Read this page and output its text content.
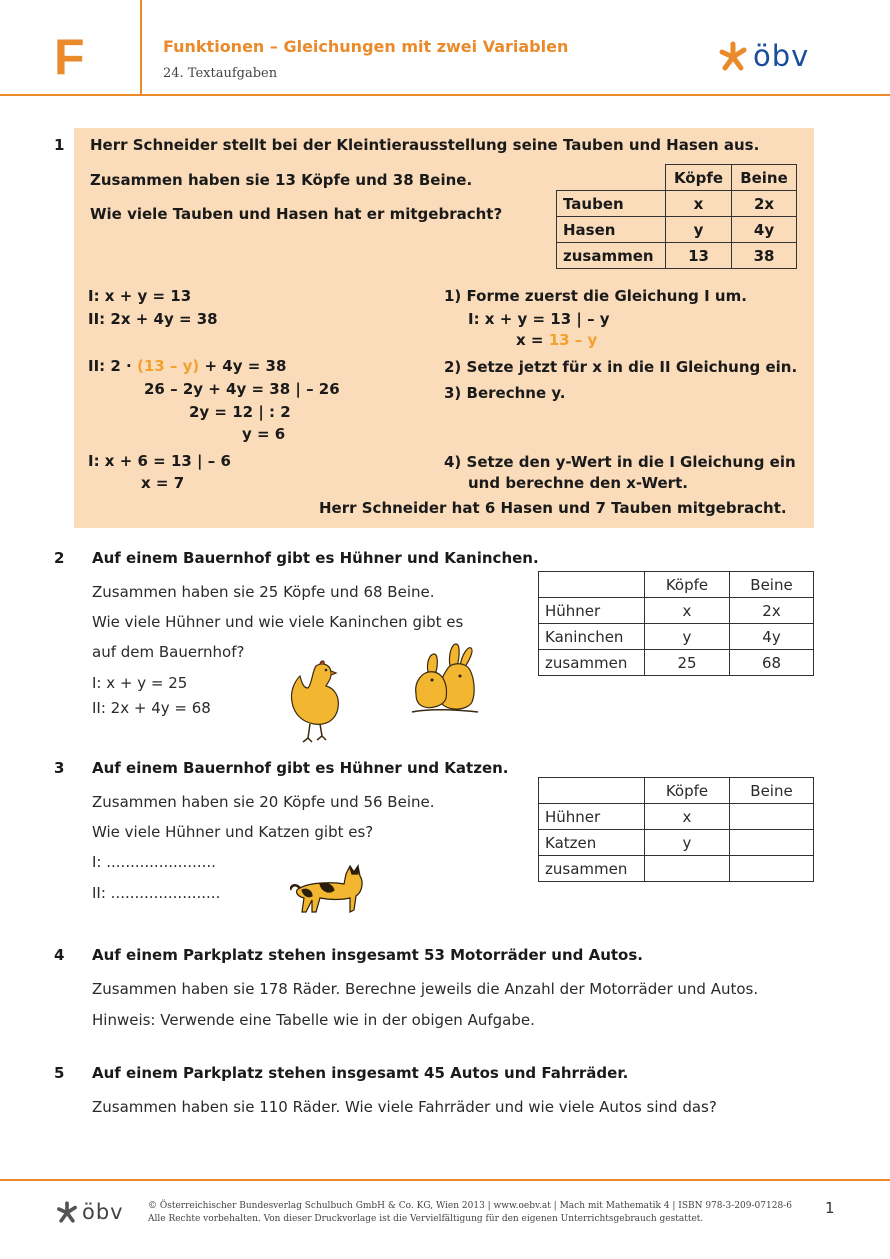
F	Funktionen – Gleichungen mit zwei Variablen
24. Textaufgaben
öbv
1 Herr Schneider stellt bei der Kleintierausstellung seine Tauben und Hasen aus.
Zusammen haben sie 13 Köpfe und 38 Beine.
Wie viele Tauben und Hasen hat er mitgebracht?
	Köpfe	Beine
Tauben	x	2x
Hasen	y	4y
zusammen	13	38
I: x + y = 13
II: 2x + 4y = 38
II: 2 · (13 – y) + 4y = 38
26 – 2y + 4y = 38 | – 26
2y = 12 | : 2
y = 6
I: x + 6 = 13 | – 6
x = 7
1) Forme zuerst die Gleichung I um.
I: x + y = 13 | – y
x = 13 – y
2) Setze jetzt für x in die II Gleichung ein.
3) Berechne y.
4) Setze den y-Wert in die I Gleichung ein
und berechne den x-Wert.
Herr Schneider hat 6 Hasen und 7 Tauben mitgebracht.
2 Auf einem Bauernhof gibt es Hühner und Kaninchen.
Zusammen haben sie 25 Köpfe und 68 Beine.
Wie viele Hühner und wie viele Kaninchen gibt es
auf dem Bauernhof?
I: x + y = 25
II: 2x + 4y = 68
	Köpfe	Beine
Hühner	x	2x
Kaninchen	y	4y
zusammen	25	68
3 Auf einem Bauernhof gibt es Hühner und Katzen.
Zusammen haben sie 20 Köpfe und 56 Beine.
Wie viele Hühner und Katzen gibt es?
I: .......................
II: .......................
	Köpfe	Beine
Hühner	x	
Katzen	y	
zusammen		
4 Auf einem Parkplatz stehen insgesamt 53 Motorräder und Autos.
Zusammen haben sie 178 Räder. Berechne jeweils die Anzahl der Motorräder und Autos.
Hinweis: Verwende eine Tabelle wie in der obigen Aufgabe.
5 Auf einem Parkplatz stehen insgesamt 45 Autos und Fahrräder.
Zusammen haben sie 110 Räder. Wie viele Fahrräder und wie viele Autos sind das?
öbv	© Österreichischer Bundesverlag Schulbuch GmbH & Co. KG, Wien 2013 | www.oebv.at | Mach mit Mathematik 4 | ISBN 978-3-209-07128-6
Alle Rechte vorbehalten. Von dieser Druckvorlage ist die Vervielfältigung für den eigenen Unterrichtsgebrauch gestattet.
1
